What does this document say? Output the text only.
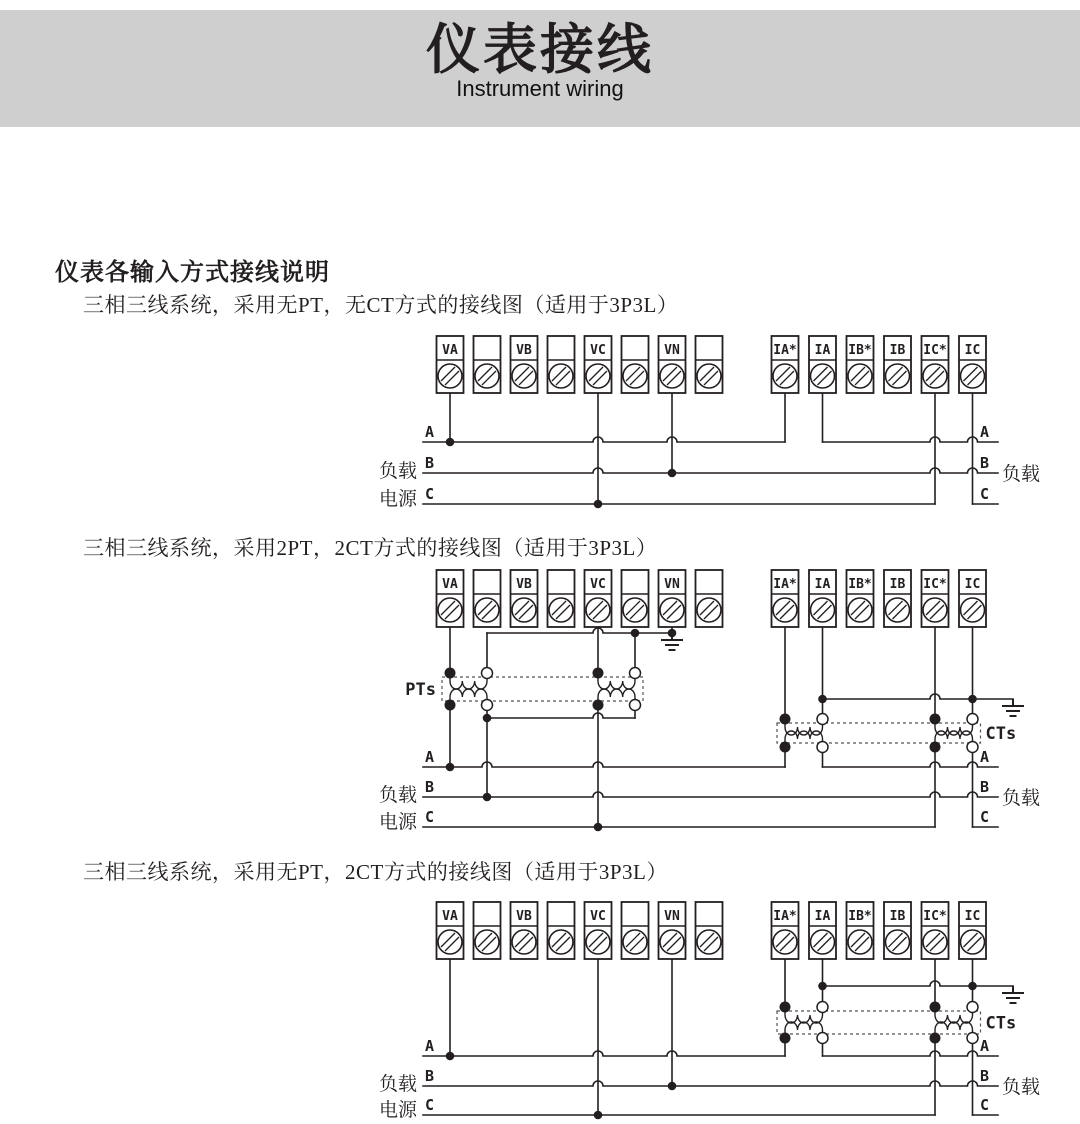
仪表接线
Instrument wiring
仪表各输入方式接线说明
三相三线系统，采用无PT，无CT方式的接线图（适用于3P3L）
三相三线系统，采用2PT，2CT方式的接线图（适用于3P3L）
三相三线系统，采用无PT，2CT方式的接线图（适用于3P3L）
VA	VB	VC	VN	IA* IA IB* IB IC* IC
A
B
C
负载
电源
A
B
C
负载
PTs
CTs
VA	VB	VC	VN	IA* IA IB* IB IC* IC
A
B
C
负载
电源
A
B
C
负载
CTs
VA	VB	VC	VN	IA* IA IB* IB IC* IC
A
B
C
负载
电源
A
B
C
负载
